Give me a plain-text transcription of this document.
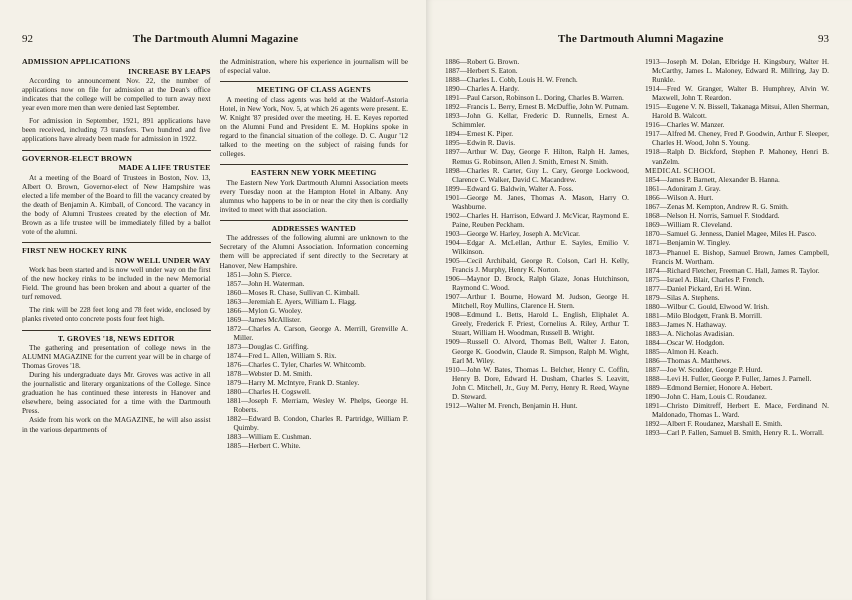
92	The Dartmouth Alumni Magazine
ADMISSION APPLICATIONS
INCREASE BY LEAPS

According to announcement Nov. 22, the number of applications now on file for admission at the Dean's office indicates that the college will be compelled to turn away next year even more men than were denied last September.

For admission in September, 1921, 891 applications have been received, including 73 transfers. Two hundred and five applications have already been made for admission in 1922.

GOVERNOR-ELECT BROWN
MADE A LIFE TRUSTEE

At a meeting of the Board of Trustees in Boston, Nov. 13, Albert O. Brown, Governor-elect of New Hampshire was elected a life member of the Board to fill the vacancy created by the death of Benjamin A. Kimball, of Concord. The vacancy in the body of Alumni Trustees created by the election of Mr. Brown as a life trustee will be immediately filled by a ballot vote of the alumni.

FIRST NEW HOCKEY RINK
NOW WELL UNDER WAY

Work has been started and is now well under way on the first of the new hockey rinks to be included in the new Memorial Field. The ground has been broken and about a quarter of the turf removed.

The rink will be 228 feet long and 78 feet wide, enclosed by planks riveted onto concrete posts four feet high.

T. GROVES '18, NEWS EDITOR

The gathering and presentation of college news in the ALUMNI MAGAZINE for the current year will be in charge of Thomas Groves '18.

During his undergraduate days Mr. Groves was active in all the journalistic and literary organizations of the College. Since graduation he has continued these interests in Hanover and elsewhere, being associated for a time with the Dartmouth Press.

Aside from his work on the MAGAZINE, he will also assist in the various departments of

the Administration, where his experience in journalism will be of especial value.

MEETING OF CLASS AGENTS

A meeting of class agents was held at the Waldorf-Astoria Hotel, in New York, Nov. 5, at which 26 agents were present. E. W. Knight '87 presided over the meeting. H. E. Keyes reported on the Alumni Fund and President E. M. Hopkins spoke in regard to the financial situation of the college. D. C. Augur '12 talked to the meeting on the subject of raising funds for colleges.

EASTERN NEW YORK MEETING

The Eastern New York Dartmouth Alumni Association meets every Tuesday noon at the Hampton Hotel in Albany. Any alumnus who happens to be in or near the city then is cordially invited to meet with that association.

ADDRESSES WANTED

The addresses of the following alumni are unknown to the Secretary of the Alumni Association. Information concerning them will be appreciated if sent directly to the Secretary at Hanover, New Hampshire.

1851—John S. Pierce.

1857—John H. Waterman.

1860—Moses R. Chase, Sullivan C. Kimball.

1863—Jeremiah E. Ayers, William L. Flagg.

1866—Mylon G. Wooley.

1869—James McAllister.

1872—Charles A. Carson, George A. Merrill, Grenville A. Miller.

1873—Douglas C. Griffing.

1874—Fred L. Allen, William S. Rix.

1876—Charles C. Tyler, Charles W. Whitcomb.

1878—Webster D. M. Smith.

1879—Harry M. McIntyre, Frank D. Stanley.

1880—Charles H. Cogswell.

1881—Joseph F. Merriam, Wesley W. Phelps, George H. Roberts.

1882—Edward B. Condon, Charles R. Partridge, William P. Quimby.

1883—William E. Cushman.

1885—Herbert C. White.

The Dartmouth Alumni Magazine	93

1886—Robert G. Brown.

1887—Herbert S. Eaton.

1888—Charles L. Cobb, Louis H. W. French.

1890—Charles A. Hardy.

1891—Paul Carson, Robinson L. Doring, Charles B. Warren.

1892—Francis L. Berry, Ernest B. McDuffie, John W. Putnam.

1893—John G. Kellar, Frederic D. Runnells, Ernest A. Schimmler.

1894—Ernest K. Piper.

1895—Edwin R. Davis.

1897—Arthur W. Day, George F. Hilton, Ralph H. James, Remus G. Robinson, Allen J. Smith, Ernest N. Smith.

1898—Charles R. Carter, Guy L. Cary, George Lockwood, Clarence C. Walker, David C. Macandrew.

1899—Edward G. Baldwin, Walter A. Foss.

1901—George M. Janes, Thomas A. Mason, Harry O. Washburne.

1902—Charles H. Harrison, Edward J. McVicar, Raymond E. Paine, Reuben Peckham.

1903—George W. Harley, Joseph A. McVicar.

1904—Edgar A. McLellan, Arthur E. Sayles, Emilio V. Wilkinson.

1905—Cecil Archibald, George R. Colson, Carl H. Kelly, Francis J. Murphy, Henry K. Norton.

1906—Maynor D. Brock, Ralph Glaze, Jonas Hutchinson, Raymond C. Wood.

1907—Arthur I. Bourne, Howard M. Judson, George H. Mitchell, Roy Mullins, Clarence H. Stern.

1908—Edmund L. Betts, Harold L. English, Eliphalet A. Greely, Frederick F. Priest, Cornelius A. Riley, Arthur T. Stuart, William H. Woodman, Russell B. Wright.

1909—Russell O. Alvord, Thomas Bell, Walter J. Eaton, George K. Goodwin, Claude R. Simpson, Ralph M. Wight, Earl M. Wiley.

1910—John W. Bates, Thomas L. Belcher, Henry C. Coffin, Henry B. Dore, Edward H. Dusham, Charles S. Leavitt, John C. Mitchell, Jr., Guy M. Perry, Henry R. Reed, Wayne D. Steward.

1912—Walter M. French, Benjamin H. Hunt.

1913—Joseph M. Dolan, Elbridge H. Kingsbury, Walter H. McCarthy, James L. Maloney, Edward R. Millring, Jay D. Runkle.

1914—Fred W. Granger, Walter B. Humphrey, Alvin W. Maxwell, John T. Reardon.

1915—Eugene V. N. Bissell, Takanaga Mitsui, Allen Sherman, Harold B. Walcott.

1916—Charles W. Manzer.

1917—Alfred M. Cheney, Fred P. Goodwin, Arthur F. Sleeper, Charles H. Wood, John S. Young.

1918—Ralph D. Bickford, Stephen P. Mahoney, Henri B. vanZelm.

MEDICAL SCHOOL

1854—James P. Barnett, Alexander B. Hanna.

1861—Adoniram J. Gray.

1866—Wilson A. Hurt.

1867—Zenas M. Kempton, Andrew R. G. Smith.

1868—Nelson H. Norris, Samuel F. Stoddard.

1869—William R. Cleveland.

1870—Samuel G. Jenness, Daniel Magee, Miles H. Pasco.

1871—Benjamin W. Tingley.

1873—Phanuel E. Bishop, Samuel Brown, James Campbell, Francis M. Wortham.

1874—Richard Fletcher, Freeman C. Hall, James R. Taylor.

1875—Israel A. Blair, Charles P. French.

1877—Daniel Pickard, Eri H. Winn.

1879—Silas A. Stephens.

1880—Wilbur C. Gould, Elwood W. Irish.

1881—Milo Blodgett, Frank B. Morrill.

1883—James N. Hathaway.

1883—A. Nicholas Avadisian.

1884—Oscar W. Hodgdon.

1885—Almon H. Keach.

1886—Thomas A. Matthews.

1887—Joe W. Scudder, George P. Hurd.

1888—Levi H. Fuller, George P. Fuller, James J. Parnell.

1889—Edmond Bernier, Honore A. Hebert.

1890—John C. Ham, Louis C. Roudanez.

1891—Christo Dimitreff, Herbert E. Mace, Ferdinand N. Maldonado, Thomas L. Ward.

1892—Albert F. Roudanez, Marshall E. Smith.

1893—Carl P. Fallen, Samuel B. Smith, Henry R. L. Worrall.
